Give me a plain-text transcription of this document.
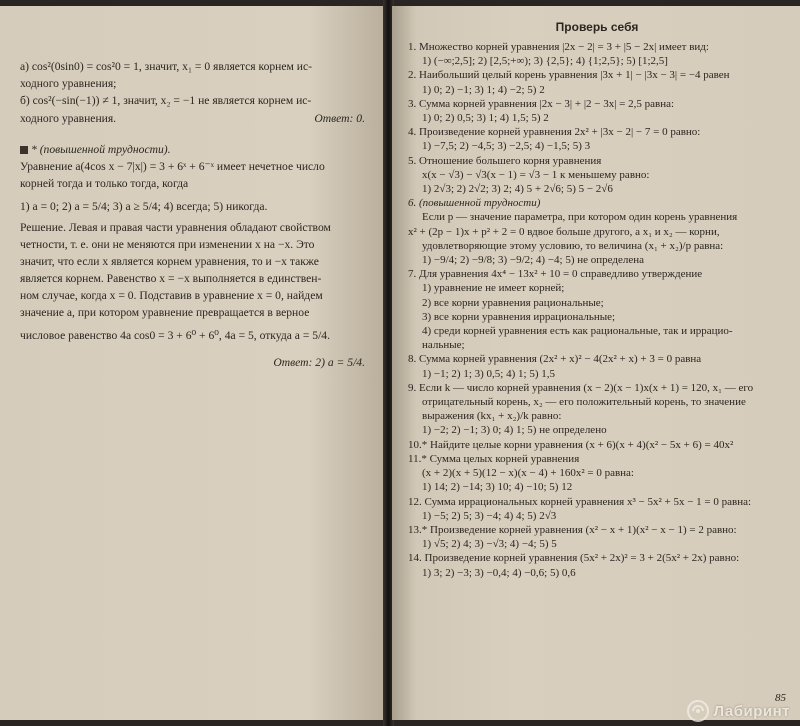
а) cos²(0sin0) = cos²0 = 1, значит, x₁ = 0 является корнем ис-
ходного уравнения;
б) cos²(−sin(−1)) ≠ 1, значит, x₂ = −1 не является корнем ис-
ходного уравнения.	Ответ: 0.
* (повышенной трудности).
Уравнение a(4cos x − 7|x|) = 3 + 6ˣ + 6⁻ˣ имеет нечетное число
корней тогда и только тогда, когда
1) a = 0; 2) a = 5/4; 3) a ≥ 5/4; 4) всегда; 5) никогда.
Решение. Левая и правая части уравнения обладают свойством
четности, т. е. они не меняются при изменении x на −x. Это
значит, что если x является корнем уравнения, то и −x также
является корнем. Равенство x = −x выполняется в единствен-
ном случае, когда x = 0. Подставив в уравнение x = 0, найдем
значение a, при котором уравнение превращается в верное
числовое равенство 4a cos0 = 3 + 6⁰ + 6⁰, 4a = 5, откуда a = 5/4.
Ответ: 2) a = 5/4.
Проверь себя
1. Множество корней уравнения |2x − 2| = 3 + |5 − 2x| имеет вид:
1) (−∞;2,5]; 2) [2,5;+∞); 3) {2,5}; 4) {1;2,5}; 5) [1;2,5]
2. Наибольший целый корень уравнения |3x + 1| − |3x − 3| = −4 равен
1) 0; 2) −1; 3) 1; 4) −2; 5) 2
3. Сумма корней уравнения |2x − 3| + |2 − 3x| = 2,5 равна:
1) 0; 2) 0,5; 3) 1; 4) 1,5; 5) 2
4. Произведение корней уравнения 2x² + |3x − 2| − 7 = 0 равно:
1) −7,5; 2) −4,5; 3) −2,5; 4) −1,5; 5) 3
5. Отношение большего корня уравнения
x(x − √3) − √3(x − 1) = √3 − 1 к меньшему равно:
1) 2√3; 2) 2√2; 3) 2; 4) 5 + 2√6; 5) 5 − 2√6
6. (повышенной трудности)
Если p — значение параметра, при котором один корень уравнения
x² + (2p − 1)x + p² + 2 = 0 вдвое больше другого, а x₁ и x₂ — корни,
удовлетворяющие этому условию, то величина (x₁ + x₂)/p равна:
1) −9/4; 2) −9/8; 3) −9/2; 4) −4; 5) не определена
7. Для уравнения 4x⁴ − 13x² + 10 = 0 справедливо утверждение
1) уравнение не имеет корней;
2) все корни уравнения рациональные;
3) все корни уравнения иррациональные;
4) среди корней уравнения есть как рациональные, так и иррацио-
нальные;
8. Сумма корней уравнения (2x² + x)² − 4(2x² + x) + 3 = 0 равна
1) −1; 2) 1; 3) 0,5; 4) 1; 5) 1,5
9. Если k — число корней уравнения (x − 2)(x − 1)x(x + 1) = 120, x₁ — его
отрицательный корень, x₂ — его положительный корень, то значение
выражения (kx₁ + x₂)/k равно:
1) −2; 2) −1; 3) 0; 4) 1; 5) не определено
10.* Найдите целые корни уравнения (x + 6)(x + 4)(x² − 5x + 6) = 40x²
11.* Сумма целых корней уравнения
(x + 2)(x + 5)(12 − x)(x − 4) + 160x² = 0 равна:
1) 14; 2) −14; 3) 10; 4) −10; 5) 12
12. Сумма иррациональных корней уравнения x³ − 5x² + 5x − 1 = 0 равна:
1) −5; 2) 5; 3) −4; 4) 4; 5) 2√3
13.* Произведение корней уравнения (x² − x + 1)(x² − x − 1) = 2 равно:
1) √5; 2) 4; 3) −√3; 4) −4; 5) 5
14. Произведение корней уравнения (5x² + 2x)² = 3 + 2(5x² + 2x) равно:
1) 3; 2) −3; 3) −0,4; 4) −0,6; 5) 0,6
85
Лабиринт
